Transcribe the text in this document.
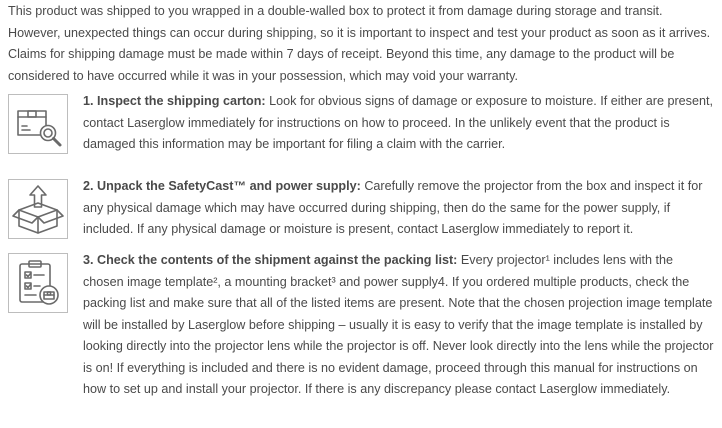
This product was shipped to you wrapped in a double-walled box to protect it from damage during storage and transit. However, unexpected things can occur during shipping, so it is important to inspect and test your product as soon as it arrives. Claims for shipping damage must be made within 7 days of receipt. Beyond this time, any damage to the product will be considered to have occurred while it was in your possession, which may void your warranty.

1. Inspect the shipping carton: Look for obvious signs of damage or exposure to moisture. If either are present, contact Laserglow immediately for instructions on how to proceed. In the unlikely event that the product is damaged this information may be important for filing a claim with the carrier.

2. Unpack the SafetyCast™ and power supply: Carefully remove the projector from the box and inspect it for any physical damage which may have occurred during shipping, then do the same for the power supply, if included. If any physical damage or moisture is present, contact Laserglow immediately to report it.

3. Check the contents of the shipment against the packing list: Every projector¹ includes lens with the chosen image template², a mounting bracket³ and power supply4. If you ordered multiple products, check the packing list and make sure that all of the listed items are present. Note that the chosen projection image template will be installed by Laserglow before shipping – usually it is easy to verify that the image template is installed by looking directly into the projector lens while the projector is off. Never look directly into the lens while the projector is on! If everything is included and there is no evident damage, proceed through this manual for instructions on how to set up and install your projector. If there is any discrepancy please contact Laserglow immediately.
